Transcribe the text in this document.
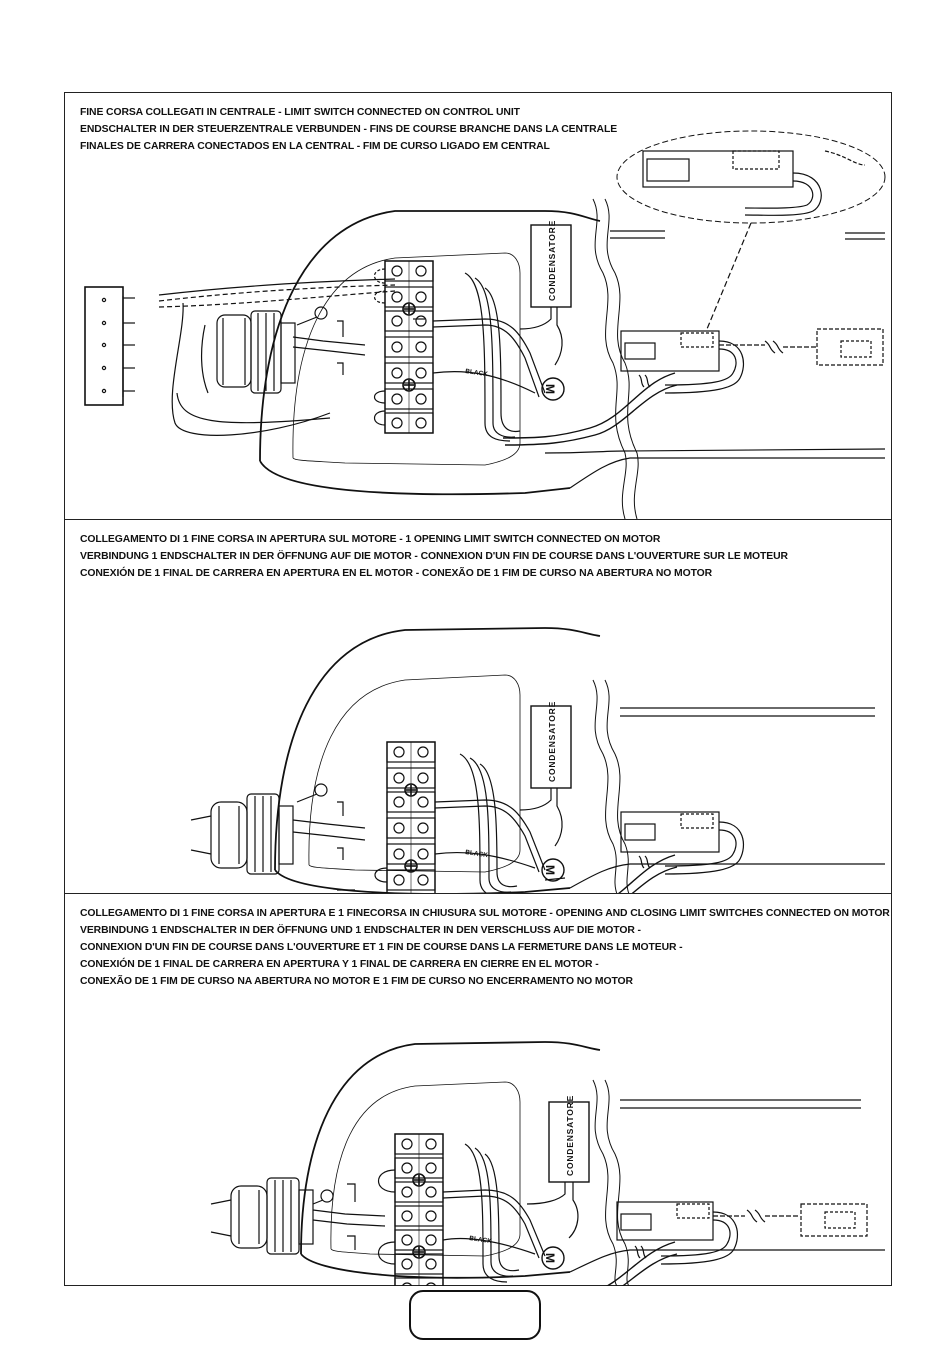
FINE CORSA COLLEGATI IN CENTRALE - LIMIT SWITCH CONNECTED ON CONTROL UNIT
ENDSCHALTER IN DER STEUERZENTRALE VERBUNDEN - FINS DE COURSE BRANCHE DANS LA CENTRALE
FINALES DE CARRERA CONECTADOS EN LA CENTRAL - FIM DE CURSO LIGADO EM CENTRAL
CONDENSATORE
BLACK
M
COLLEGAMENTO DI 1 FINE CORSA IN APERTURA SUL MOTORE - 1 OPENING LIMIT SWITCH CONNECTED ON MOTOR
VERBINDUNG 1 ENDSCHALTER IN DER ÖFFNUNG AUF DIE MOTOR - CONNEXION D'UN FIN DE COURSE DANS L'OUVERTURE SUR LE MOTEUR
CONEXIÓN DE 1 FINAL DE CARRERA EN APERTURA EN EL MOTOR - CONEXÃO DE 1 FIM DE CURSO NA ABERTURA NO MOTOR
CONDENSATORE
BLACK
M
COLLEGAMENTO DI 1 FINE CORSA IN APERTURA E 1 FINECORSA IN CHIUSURA SUL MOTORE - OPENING AND CLOSING LIMIT SWITCHES CONNECTED ON MOTOR
VERBINDUNG 1 ENDSCHALTER IN DER ÖFFNUNG UND 1 ENDSCHALTER IN DEN VERSCHLUSS AUF DIE MOTOR -
CONNEXION D'UN FIN DE COURSE DANS L'OUVERTURE ET 1 FIN DE COURSE DANS LA FERMETURE DANS LE MOTEUR -
CONEXIÓN DE 1 FINAL DE CARRERA EN APERTURA Y 1 FINAL DE CARRERA EN CIERRE EN EL MOTOR -
CONEXÃO DE 1 FIM DE CURSO NA ABERTURA NO MOTOR E 1 FIM DE CURSO NO ENCERRAMENTO NO MOTOR
CONDENSATORE
BLACK
M
